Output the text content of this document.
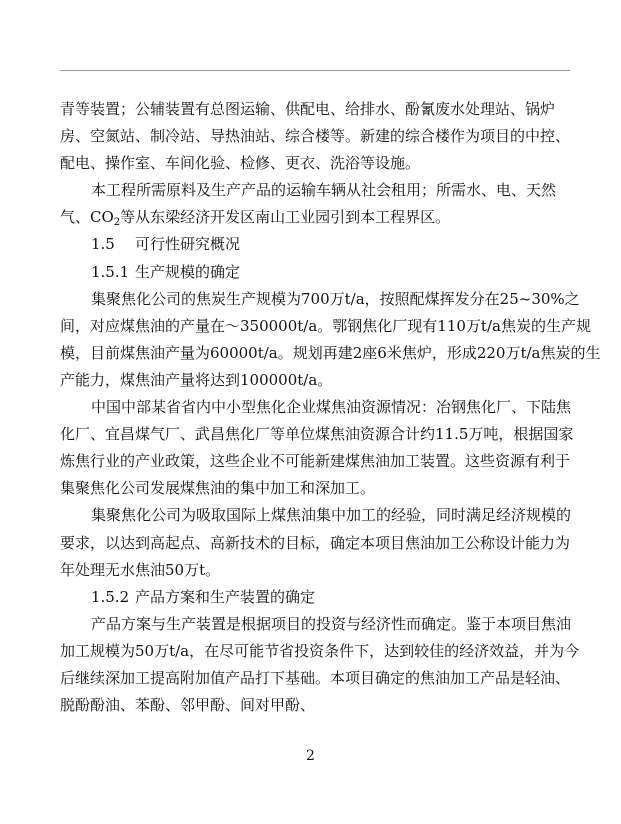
青等装置；公辅装置有总图运输、供配电、给排水、酚氰废水处理站、锅炉
房、空氮站、制冷站、导热油站、综合楼等。新建的综合楼作为项目的中控、
配电、操作室、车间化验、检修、更衣、洗浴等设施。
本工程所需原料及生产产品的运输车辆从社会租用；所需水、电、天然
气、$CO_2$等从东梁经济开发区南山工业园引到本工程界区。
1.5 可行性研究概况
1.5.1 生产规模的确定
集聚焦化公司的焦炭生产规模为700万t/a，按照配煤挥发分在25~30%之
间，对应煤焦油的产量在～350000t/a。鄂钢焦化厂现有110万t/a焦炭的生产规
模，目前煤焦油产量为60000t/a。规划再建2座6米焦炉，形成220万t/a焦炭的生
产能力，煤焦油产量将达到100000t/a。
中国中部某省省内中小型焦化企业煤焦油资源情况：冶钢焦化厂、下陆焦
化厂、宜昌煤气厂、武昌焦化厂等单位煤焦油资源合计约11.5万吨，根据国家
炼焦行业的产业政策，这些企业不可能新建煤焦油加工装置。这些资源有利于
集聚焦化公司发展煤焦油的集中加工和深加工。
集聚焦化公司为吸取国际上煤焦油集中加工的经验，同时满足经济规模的
要求，以达到高起点、高新技术的目标，确定本项目焦油加工公称设计能力为
年处理无水焦油50万t。
1.5.2 产品方案和生产装置的确定
产品方案与生产装置是根据项目的投资与经济性而确定。鉴于本项目焦油
加工规模为50万t/a，在尽可能节省投资条件下，达到较佳的经济效益，并为今
后继续深加工提高附加值产品打下基础。本项目确定的焦油加工产品是轻油、
脱酚酚油、苯酚、邻甲酚、间对甲酚、
2
